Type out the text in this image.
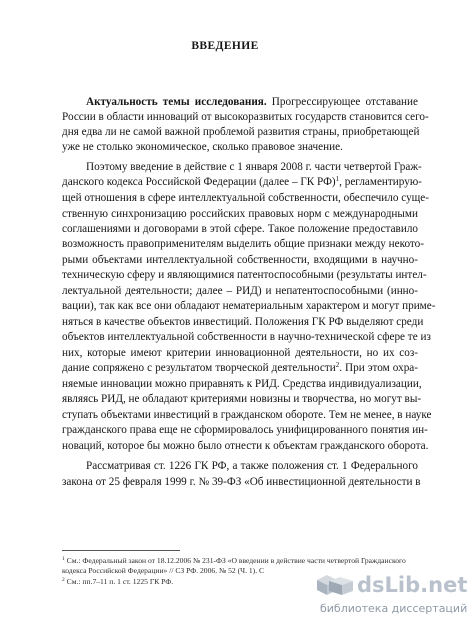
ВВЕДЕНИЕ
Актуальность темы исследования. Прогрессирующее отставание
России в области инноваций от высокоразвитых государств становится сего-
дня едва ли не самой важной проблемой развития страны, приобретающей
уже не столько экономическое, сколько правовое значение.
Поэтому введение в действие с 1 января 2008 г. части четвертой Граж-
данского кодекса Российской Федерации (далее – ГК РФ)$^1$, регламентирую-
щей отношения в сфере интеллектуальной собственности, обеспечило суще-
ственную синхронизацию российских правовых норм с международными
соглашениями и договорами в этой сфере. Такое положение предоставило
возможность правоприменителям выделить общие признаки между некото-
рыми объектами интеллектуальной собственности, входящими в научно-
техническую сферу и являющимися патентоспособными (результаты интел-
лектуальной деятельности; далее – РИД) и непатентоспособными (инно-
вации), так как все они обладают нематериальным характером и могут приме-
няться в качестве объектов инвестиций. Положения ГК РФ выделяют среди
объектов интеллектуальной собственности в научно-технической сфере те из
них, которые имеют критерии инновационной деятельности, но их соз-
дание сопряжено с результатом творческой деятельности$^2$. При этом охра-
няемые инновации можно приравнять к РИД. Средства индивидуализации,
являясь РИД, не обладают критериями новизны и творчества, но могут вы-
ступать объектами инвестиций в гражданском обороте. Тем не менее, в науке
гражданского права еще не сформировалось унифицированного понятия ин-
новаций, которое бы можно было отнести к объектам гражданского оборота.
Рассматривая ст. 1226 ГК РФ, а также положения ст. 1 Федерального
закона от 25 февраля 1999 г. № 39-ФЗ «Об инвестиционной деятельности в
$^1$ См.: Федеральный закон от 18.12.2006 № 231-ФЗ «О введении в действие части четвертой Гражданского
кодекса Российской Федерации» // СЗ РФ. 2006. № 52 (Ч. 1). С
$^2$ См.: пп.7–11 п. 1 ст. 1225 ГК РФ.	dsLib.net
библиотека диссертаций
